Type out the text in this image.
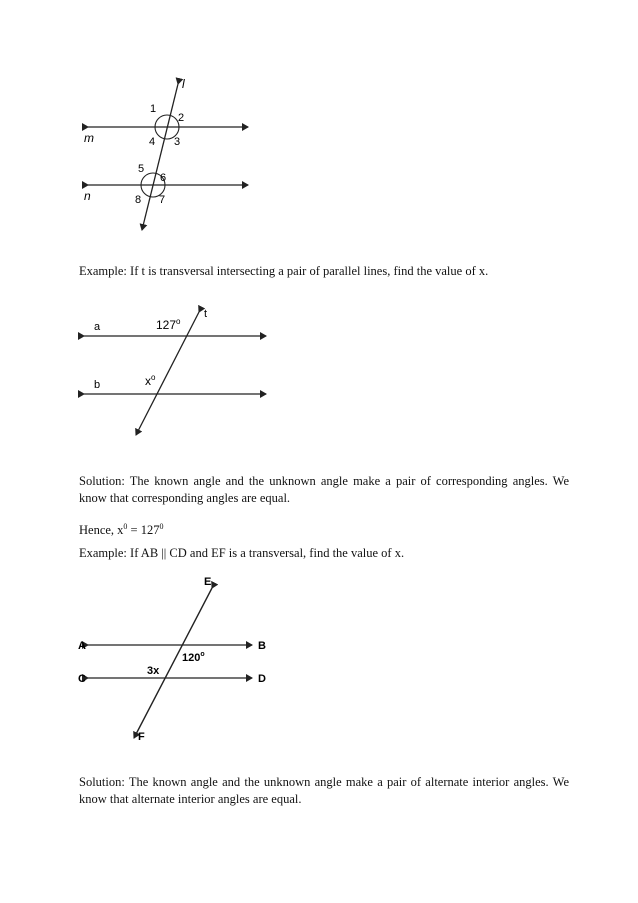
l
m
n
1
2
3
4
5
6
7
8

Example: If t is transversal intersecting a pair of parallel lines, find the value of x.

a
b
t
127$^o$
$x^o$

Solution: The known angle and the unknown angle make a pair of corresponding angles. We know that corresponding angles are equal.

Hence, $x^0 = 127^0$

Example: If AB || CD and EF is a transversal, find the value of x.

A	B
C	D
E
F
120$^o$
3x

Solution: The known angle and the unknown angle make a pair of alternate interior angles. We know that alternate interior angles are equal.
